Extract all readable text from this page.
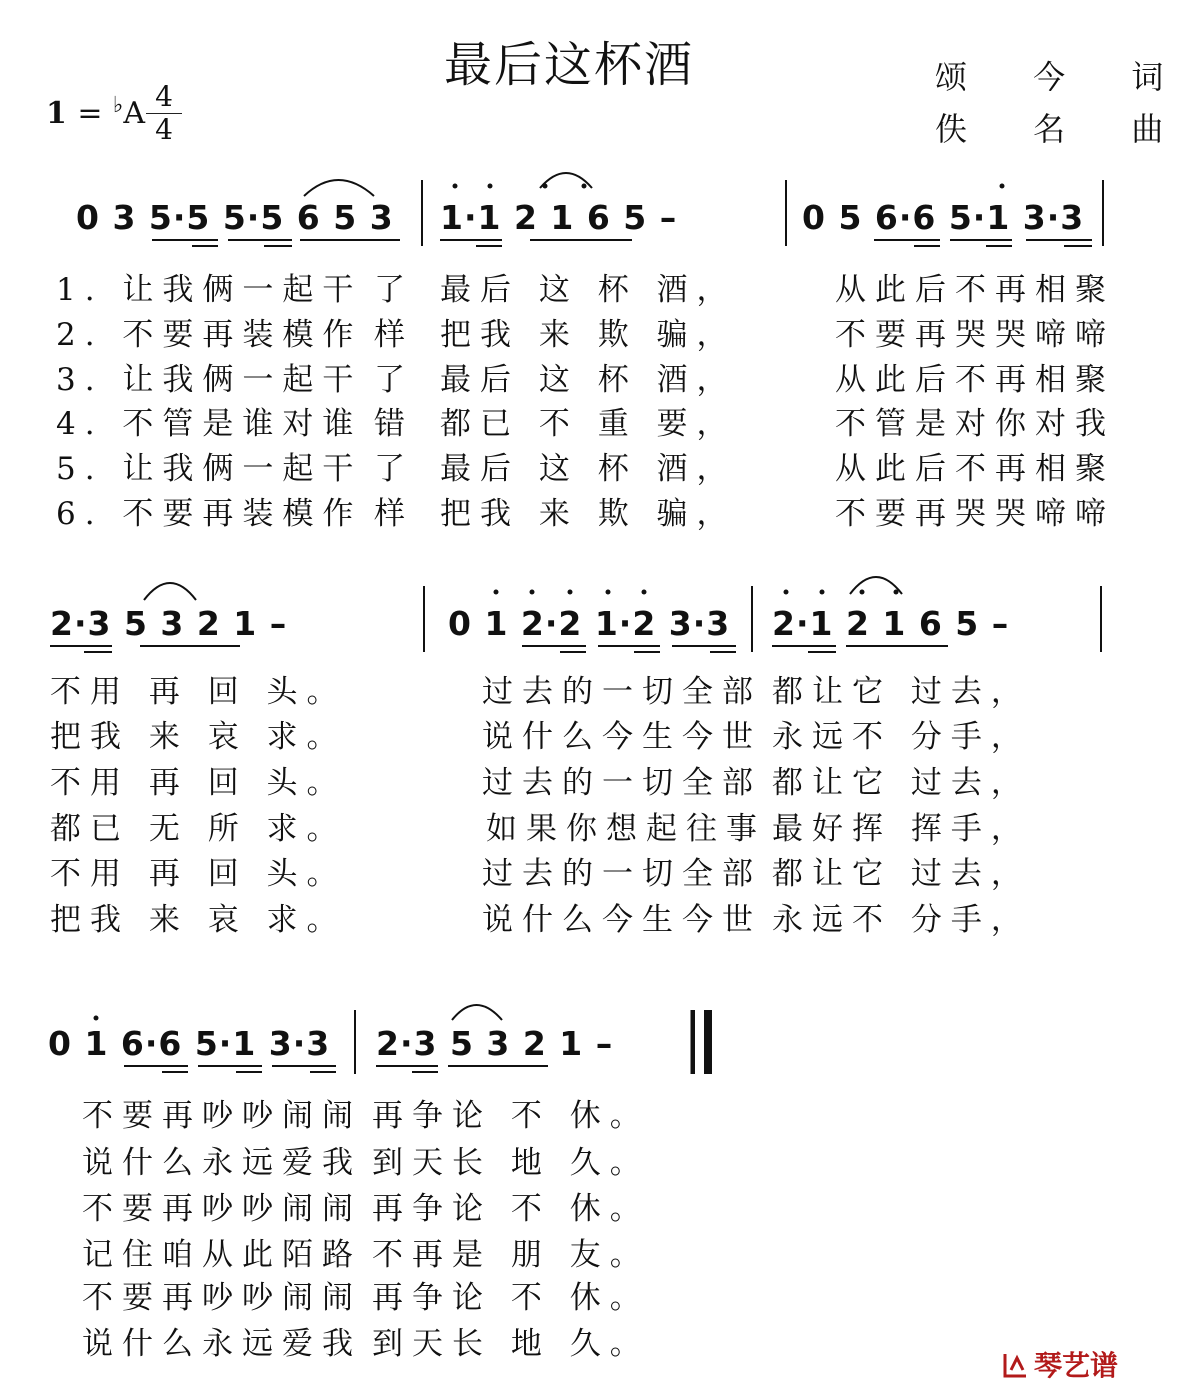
最后这杯酒	颂 今 词
佚 名 曲
1 = ♭A 4
4
0 3 5·5 5·5 6 5 3 1·1 2 1 6 5 –	0 5 6·6 5·1 3·3
1. 让我俩一起干 了 最后 这 杯 酒，	从此后不再相聚
2. 不要再装模作 样 把我 来 欺 骗，	不要再哭哭啼啼
3. 让我俩一起干 了 最后 这 杯 酒，	从此后不再相聚
4. 不管是谁对谁 错 都已 不 重 要，	不管是对你对我
5. 让我俩一起干 了 最后 这 杯 酒，	从此后不再相聚
6. 不要再装模作 样 把我 来 欺 骗，	不要再哭哭啼啼
2·3 5 3 2 1 –	0 1 2·2 1·2 3·3 2·1 2 1 6 5 –
不用 再 回 头。	过去的一切全部 都让它 过去，
把我 来 哀 求。	说什么今生今世 永远不 分手，
不用 再 回 头。	过去的一切全部 都让它 过去，
都已 无 所 求。	如果你想起往事 最好挥 挥手，
不用 再 回 头。	过去的一切全部 都让它 过去，
把我 来 哀 求。	说什么今生今世 永远不 分手，
0 1 6·6 5·1 3·3 2·3 5 3 2 1 –
不要再吵吵闹闹 再争论 不 休。
说什么永远爱我 到天长 地 久。
不要再吵吵闹闹 再争论 不 休。
记住咱从此陌路 不再是 朋 友。
不要再吵吵闹闹 再争论 不 休。
说什么永远爱我 到天长 地 久。
琴艺谱
